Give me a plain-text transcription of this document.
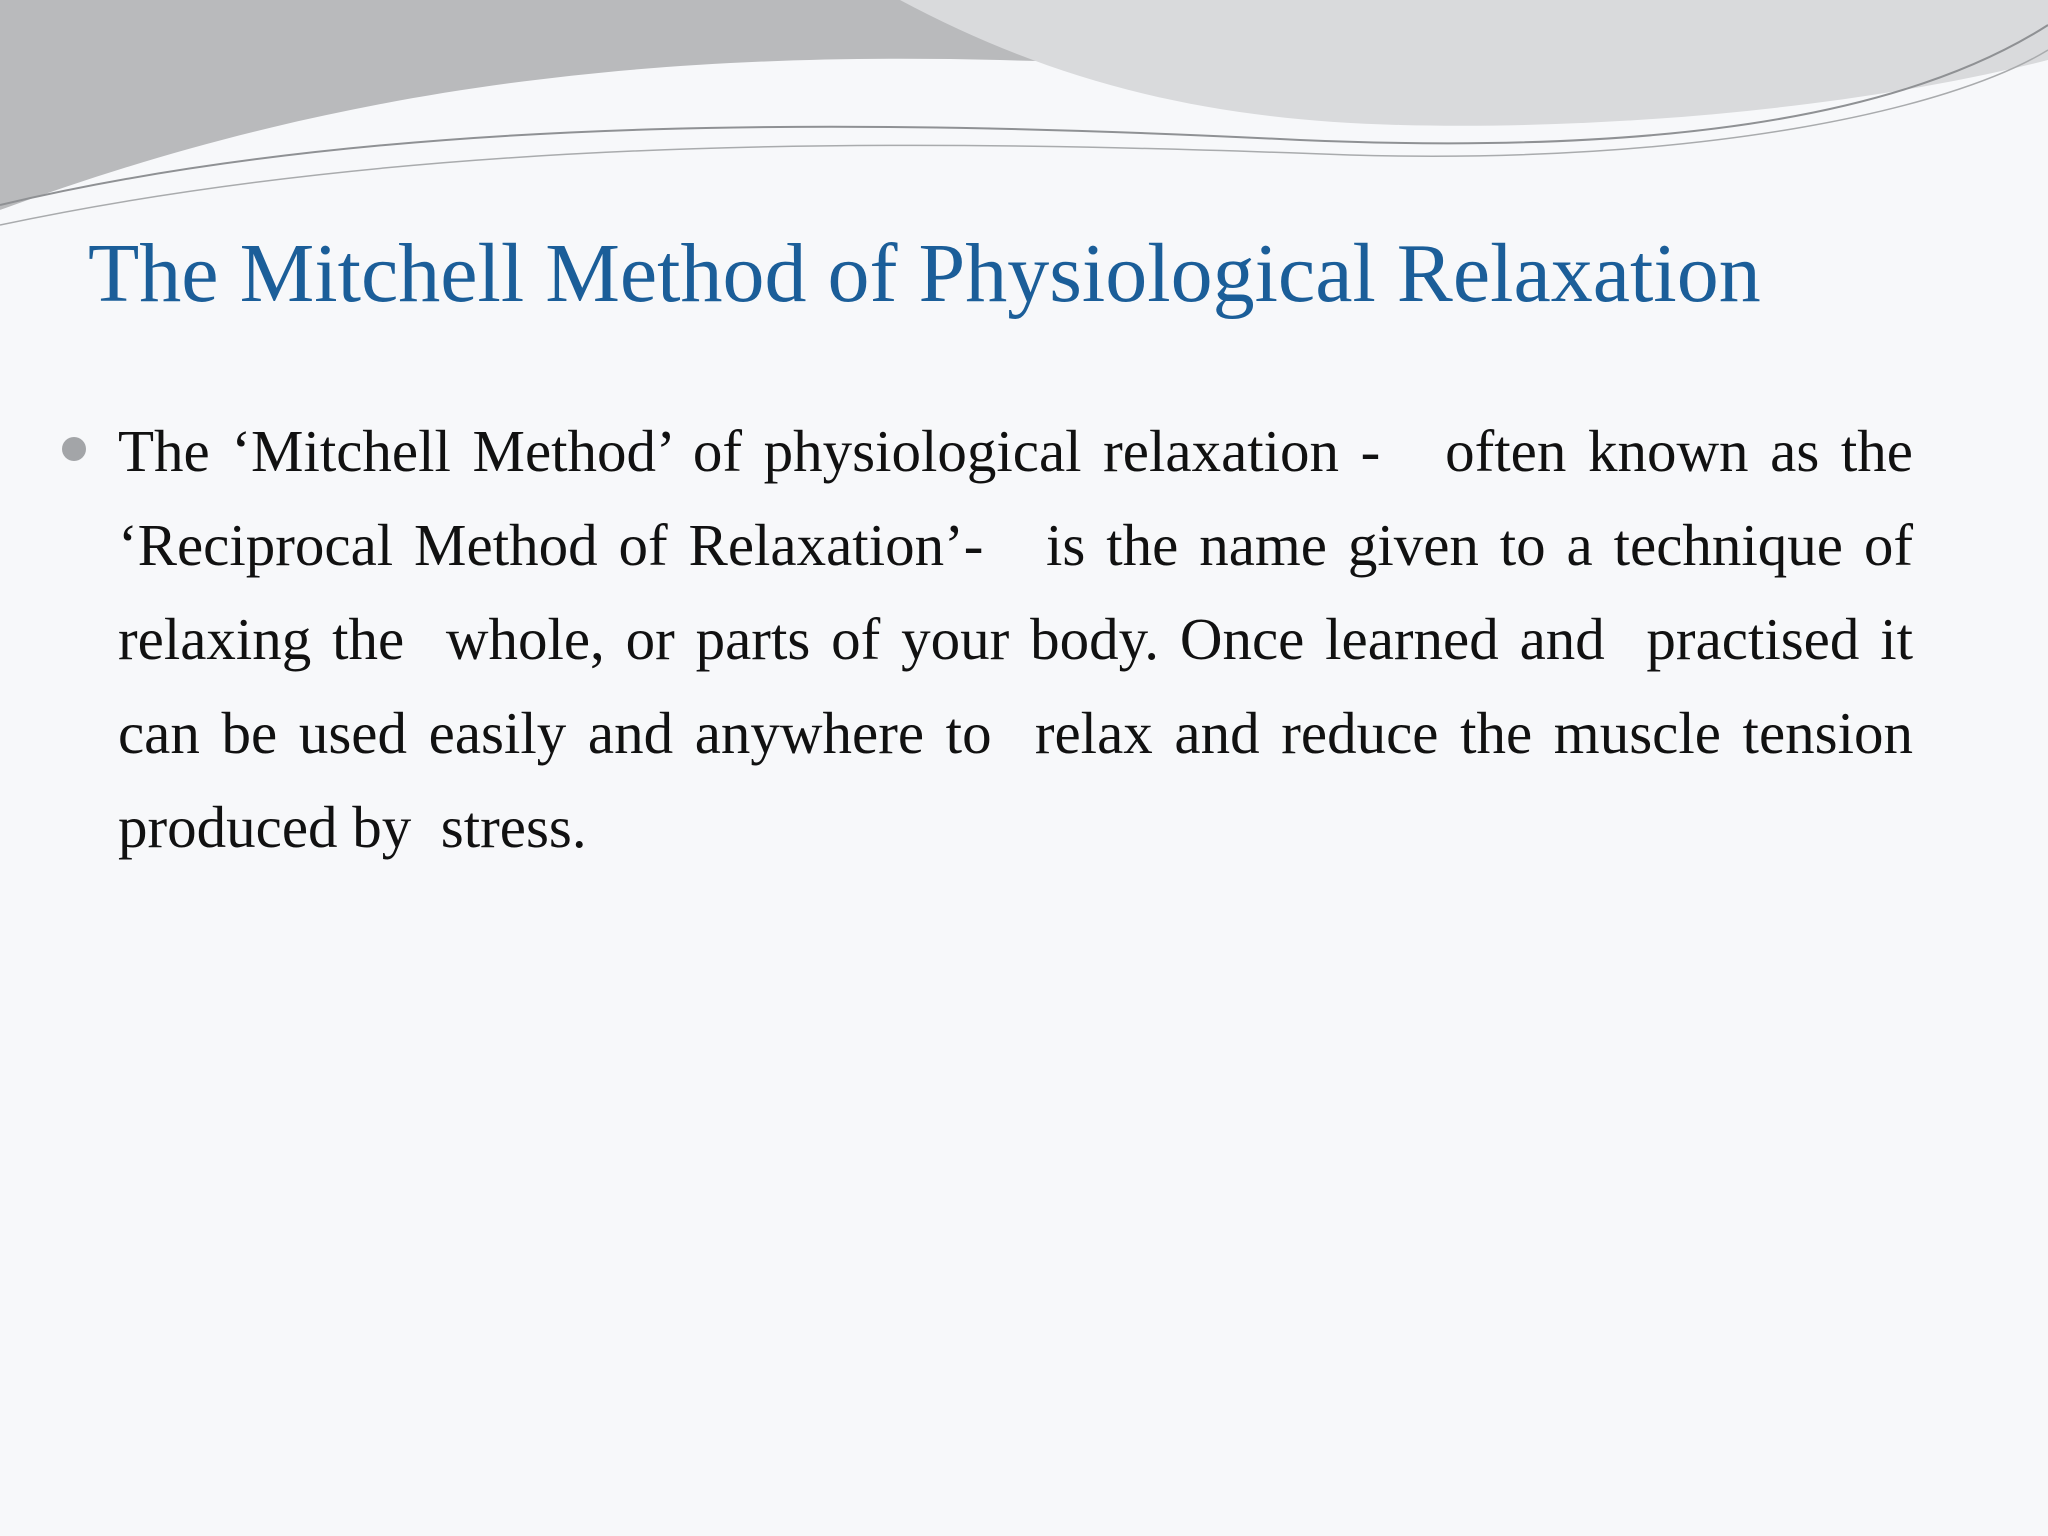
The Mitchell Method of Physiological Relaxation

The ‘Mitchell Method’ of physiological relaxation -   often known as the ‘Reciprocal Method of Relaxation’-   is the name given to a technique of relaxing the  whole, or parts of your body. Once learned and  practised it can be used easily and anywhere to  relax and reduce the muscle tension produced by  stress.
